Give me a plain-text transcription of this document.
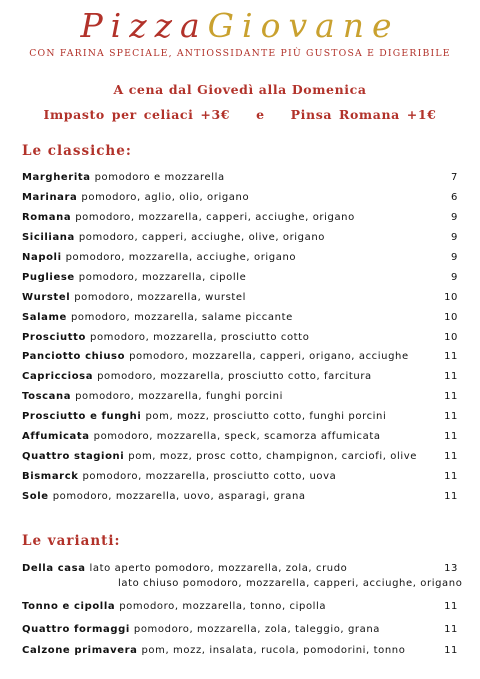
PizzaGiovane
CON FARINA SPECIALE, ANTIOSSIDANTE PIÙ GUSTOSA E DIGERIBILE
A cena dal Giovedì alla Domenica
Impasto per celiaci +3€ e Pinsa Romana +1€
Le classiche:
Margherita pomodoro e mozzarella	7
Marinara pomodoro, aglio, olio, origano	6
Romana pomodoro, mozzarella, capperi, acciughe, origano	9
Siciliana pomodoro, capperi, acciughe, olive, origano	9
Napoli pomodoro, mozzarella, acciughe, origano	9
Pugliese pomodoro, mozzarella, cipolle	9
Wurstel pomodoro, mozzarella, wurstel	10
Salame pomodoro, mozzarella, salame piccante	10
Prosciutto pomodoro, mozzarella, prosciutto cotto	10
Panciotto chiuso pomodoro, mozzarella, capperi, origano, acciughe	11
Capricciosa pomodoro, mozzarella, prosciutto cotto, farcitura	11
Toscana pomodoro, mozzarella, funghi porcini	11
Prosciutto e funghi pom, mozz, prosciutto cotto, funghi porcini	11
Affumicata pomodoro, mozzarella, speck, scamorza affumicata	11
Quattro stagioni pom, mozz, prosc cotto, champignon, carciofi, olive	11
Bismarck pomodoro, mozzarella, prosciutto cotto, uova	11
Sole pomodoro, mozzarella, uovo, asparagi, grana	11
Le varianti:
Della casa lato aperto pomodoro, mozzarella, zola, crudo	13
lato chiuso pomodoro, mozzarella, capperi, acciughe, origano
Tonno e cipolla pomodoro, mozzarella, tonno, cipolla	11
Quattro formaggi pomodoro, mozzarella, zola, taleggio, grana	11
Calzone primavera pom, mozz, insalata, rucola, pomodorini, tonno	11
